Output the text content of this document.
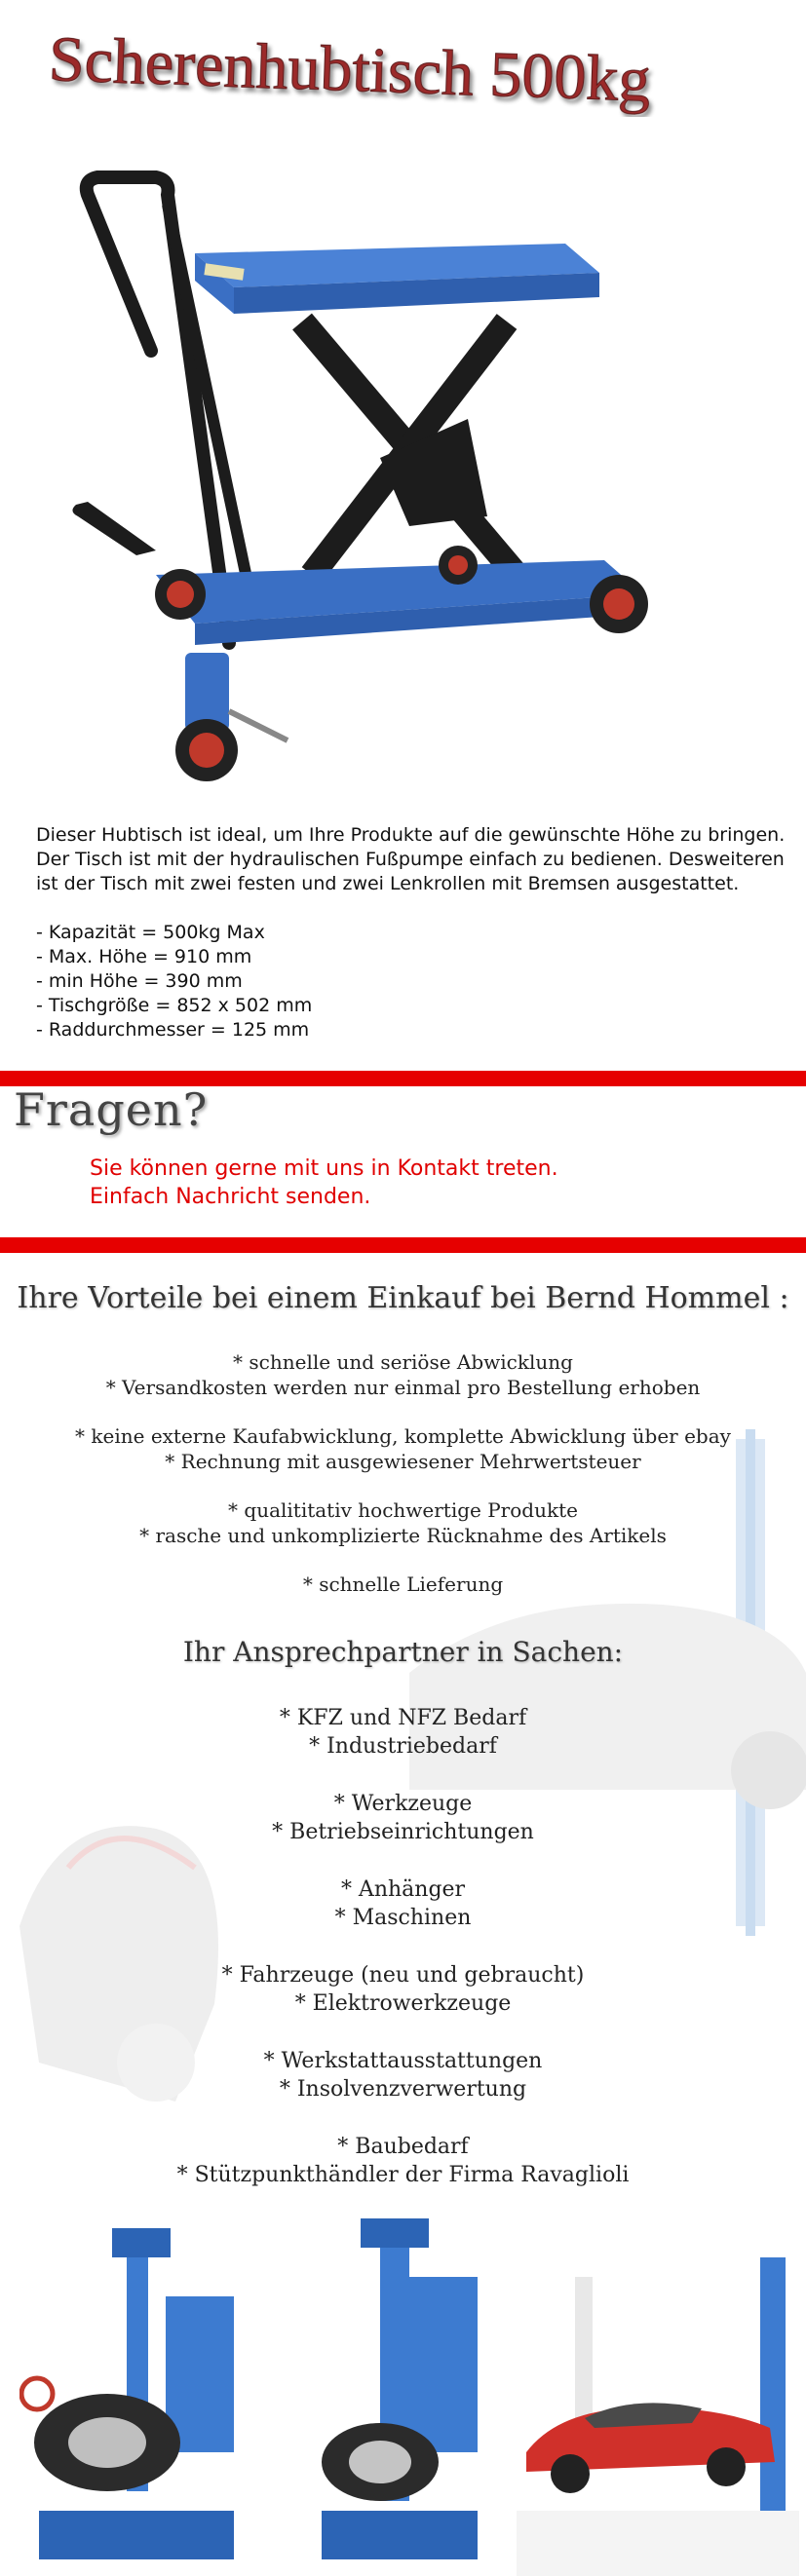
Scherenhubtisch 500kg

Dieser Hubtisch ist ideal, um Ihre Produkte auf die gewünschte Höhe zu bringen.

Der Tisch ist mit der hydraulischen Fußpumpe einfach zu bedienen. Desweiteren

ist der Tisch mit zwei festen und zwei Lenkrollen mit Bremsen ausgestattet.

- Kapazität = 500kg Max

- Max. Höhe = 910 mm

- min Höhe = 390 mm

- Tischgröße = 852 x 502 mm

- Raddurchmesser = 125 mm

Fragen?

Sie können gerne mit uns in Kontakt treten.

Einfach Nachricht senden.

Ihre Vorteile bei einem Einkauf bei Bernd Hommel :
* schnelle und seriöse Abwicklung
* Versandkosten werden nur einmal pro Bestellung erhoben
* keine externe Kaufabwicklung, komplette Abwicklung über ebay
* Rechnung mit ausgewiesener Mehrwertsteuer
* qualititativ hochwertige Produkte
* rasche und unkomplizierte Rücknahme des Artikels
* schnelle Lieferung
Ihr Ansprechpartner in Sachen:
* KFZ und NFZ Bedarf
* Industriebedarf
* Werkzeuge
* Betriebseinrichtungen
* Anhänger
* Maschinen
* Fahrzeuge (neu und gebraucht)
* Elektrowerkzeuge
* Werkstattausstattungen
* Insolvenzverwertung
* Baubedarf
* Stützpunkthändler der Firma Ravaglioli
